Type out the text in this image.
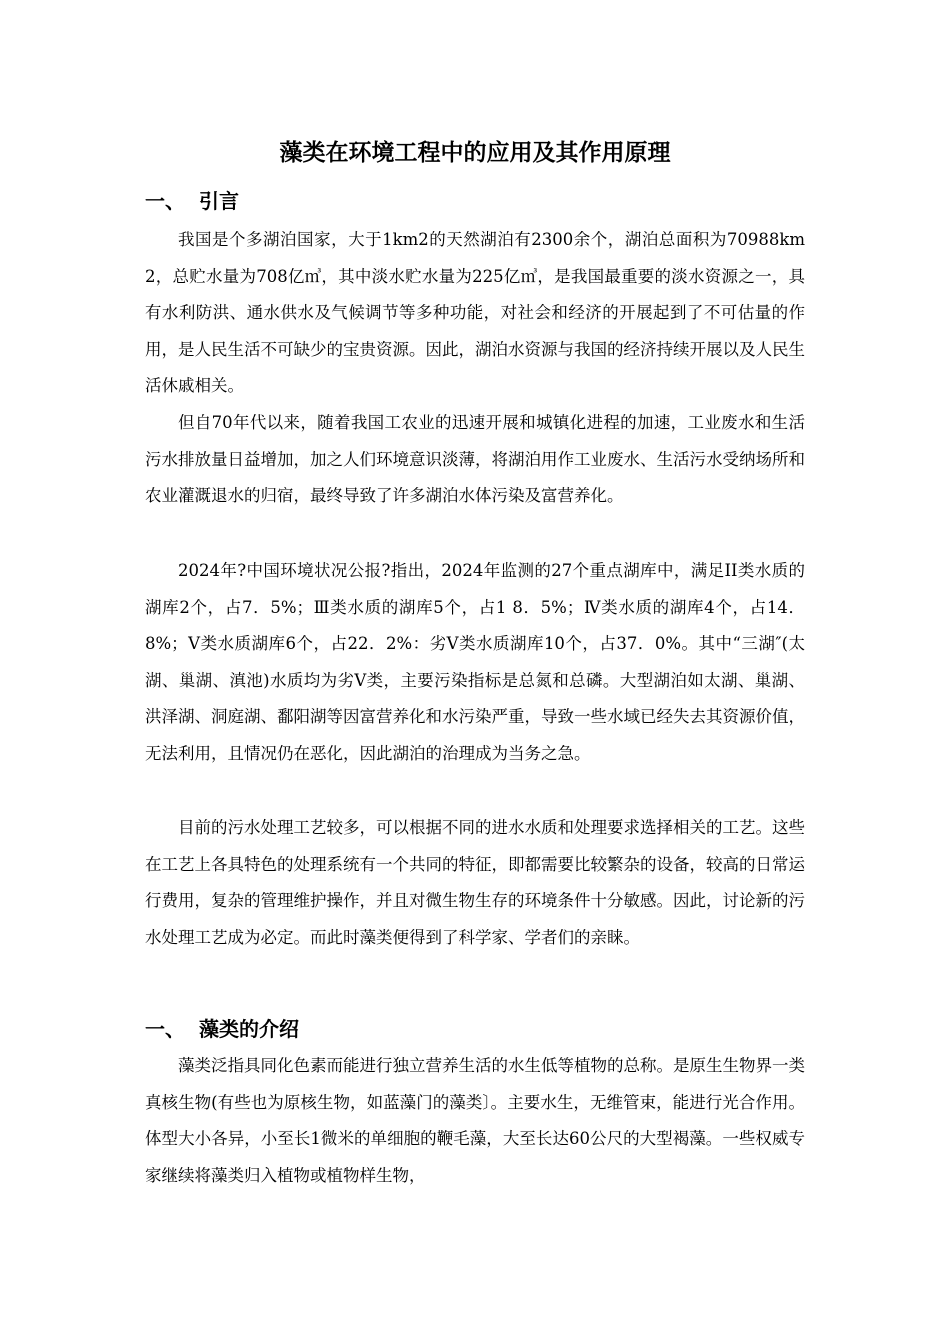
藻类在环境工程中的应用及其作用原理
一、 引言

我国是个多湖泊国家，大于1km2的天然湖泊有2300余个，湖泊总面积为70988km2，总贮水量为708亿㎥，其中淡水贮水量为225亿㎥，是我国最重要的淡水资源之一，具有水利防洪、通水供水及气候调节等多种功能，对社会和经济的开展起到了不可估量的作用，是人民生活不可缺少的宝贵资源。因此，湖泊水资源与我国的经济持续开展以及人民生活休戚相关。

但自70年代以来，随着我国工农业的迅速开展和城镇化进程的加速，工业废水和生活污水排放量日益增加，加之人们环境意识淡薄，将湖泊用作工业废水、生活污水受纳场所和农业灌溉退水的归宿，最终导致了许多湖泊水体污染及富营养化。

2024年?中国环境状况公报?指出，2024年监测的27个重点湖库中，满足II类水质的湖库2个，占7．5%；Ⅲ类水质的湖库5个，占1 8．5%；Ⅳ类水质的湖库4个，占14．8%；Ⅴ类水质湖库6个，占22．2%：劣Ⅴ类水质湖库10个，占37．0%。其中“三湖″(太湖、巢湖、滇池)水质均为劣Ⅴ类，主要污染指标是总氮和总磷。大型湖泊如太湖、巢湖、洪泽湖、洞庭湖、鄱阳湖等因富营养化和水污染严重，导致一些水域已经失去其资源价值，无法利用，且情况仍在恶化，因此湖泊的治理成为当务之急。

目前的污水处理工艺较多，可以根据不同的进水水质和处理要求选择相关的工艺。这些在工艺上各具特色的处理系统有一个共同的特征，即都需要比较繁杂的设备，较高的日常运行费用，复杂的管理维护操作，并且对微生物生存的环境条件十分敏感。因此，讨论新的污水处理工艺成为必定。而此时藻类便得到了科学家、学者们的亲睐。

一、 藻类的介绍

藻类泛指具同化色素而能进行独立营养生活的水生低等植物的总称。是原生生物界一类真核生物(有些也为原核生物，如蓝藻门的藻类〕。主要水生，无维管束，能进行光合作用。体型大小各异，小至长1微米的单细胞的鞭毛藻，大至长达60公尺的大型褐藻。一些权威专家继续将藻类归入植物或植物样生物，
